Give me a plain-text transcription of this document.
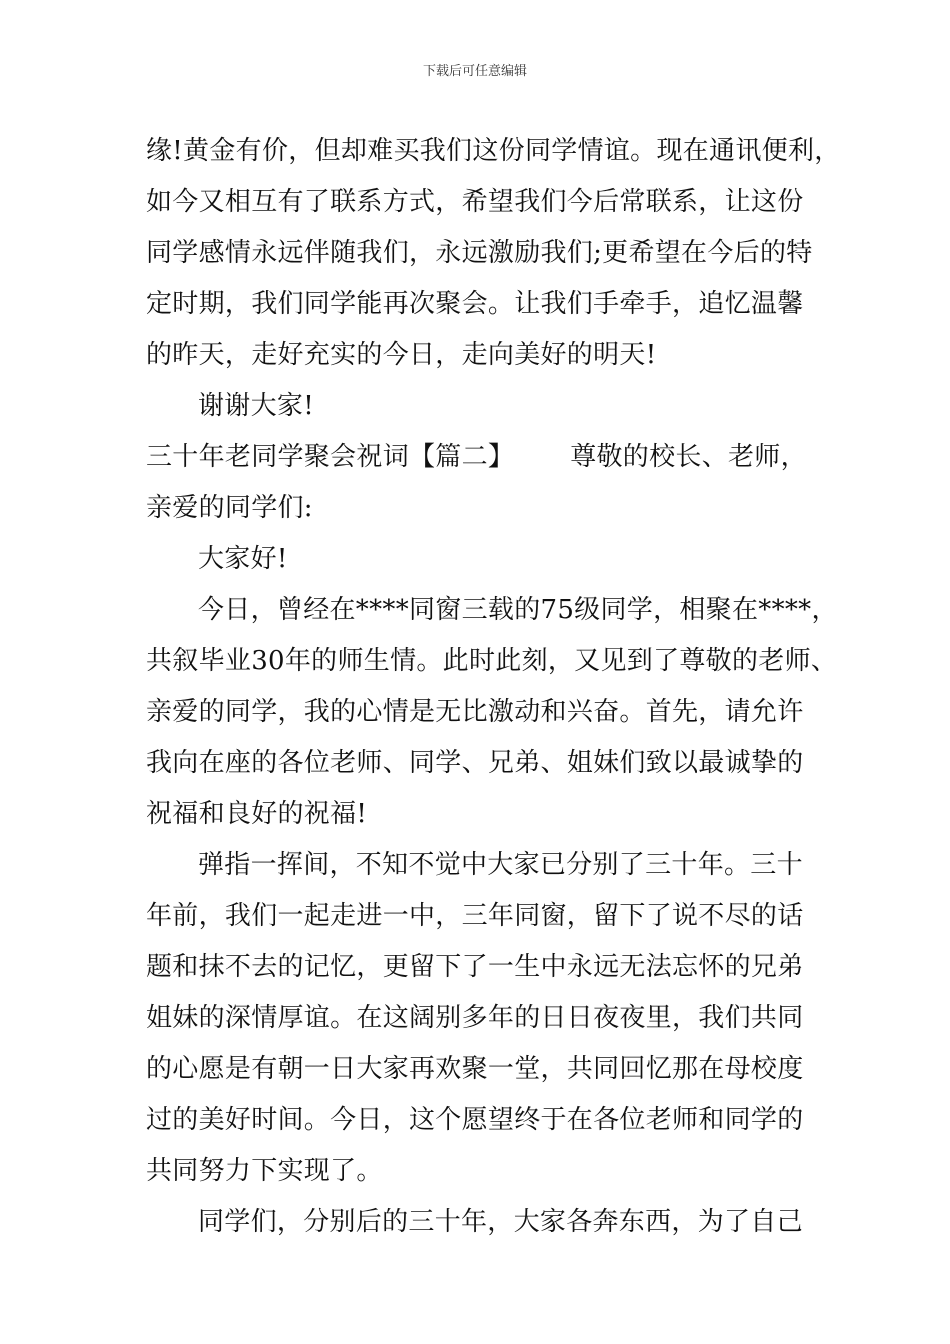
下载后可任意编辑
缘!黄金有价，但却难买我们这份同学情谊。现在通讯便利，
如今又相互有了联系方式，希望我们今后常联系，让这份
同学感情永远伴随我们，永远激励我们;更希望在今后的特
定时期，我们同学能再次聚会。让我们手牵手，追忆温馨
的昨天，走好充实的今日，走向美好的明天!
谢谢大家!
三十年老同学聚会祝词【篇二】 尊敬的校长、老师，
亲爱的同学们:
大家好!
今日，曾经在****同窗三载的75级同学，相聚在****，
共叙毕业30年的师生情。此时此刻，又见到了尊敬的老师、
亲爱的同学，我的心情是无比激动和兴奋。首先，请允许
我向在座的各位老师、同学、兄弟、姐妹们致以最诚挚的
祝福和良好的祝福!
弹指一挥间，不知不觉中大家已分别了三十年。三十
年前，我们一起走进一中，三年同窗，留下了说不尽的话
题和抹不去的记忆，更留下了一生中永远无法忘怀的兄弟
姐妹的深情厚谊。在这阔别多年的日日夜夜里，我们共同
的心愿是有朝一日大家再欢聚一堂，共同回忆那在母校度
过的美好时间。今日，这个愿望终于在各位老师和同学的
共同努力下实现了。
同学们，分别后的三十年，大家各奔东西，为了自己
